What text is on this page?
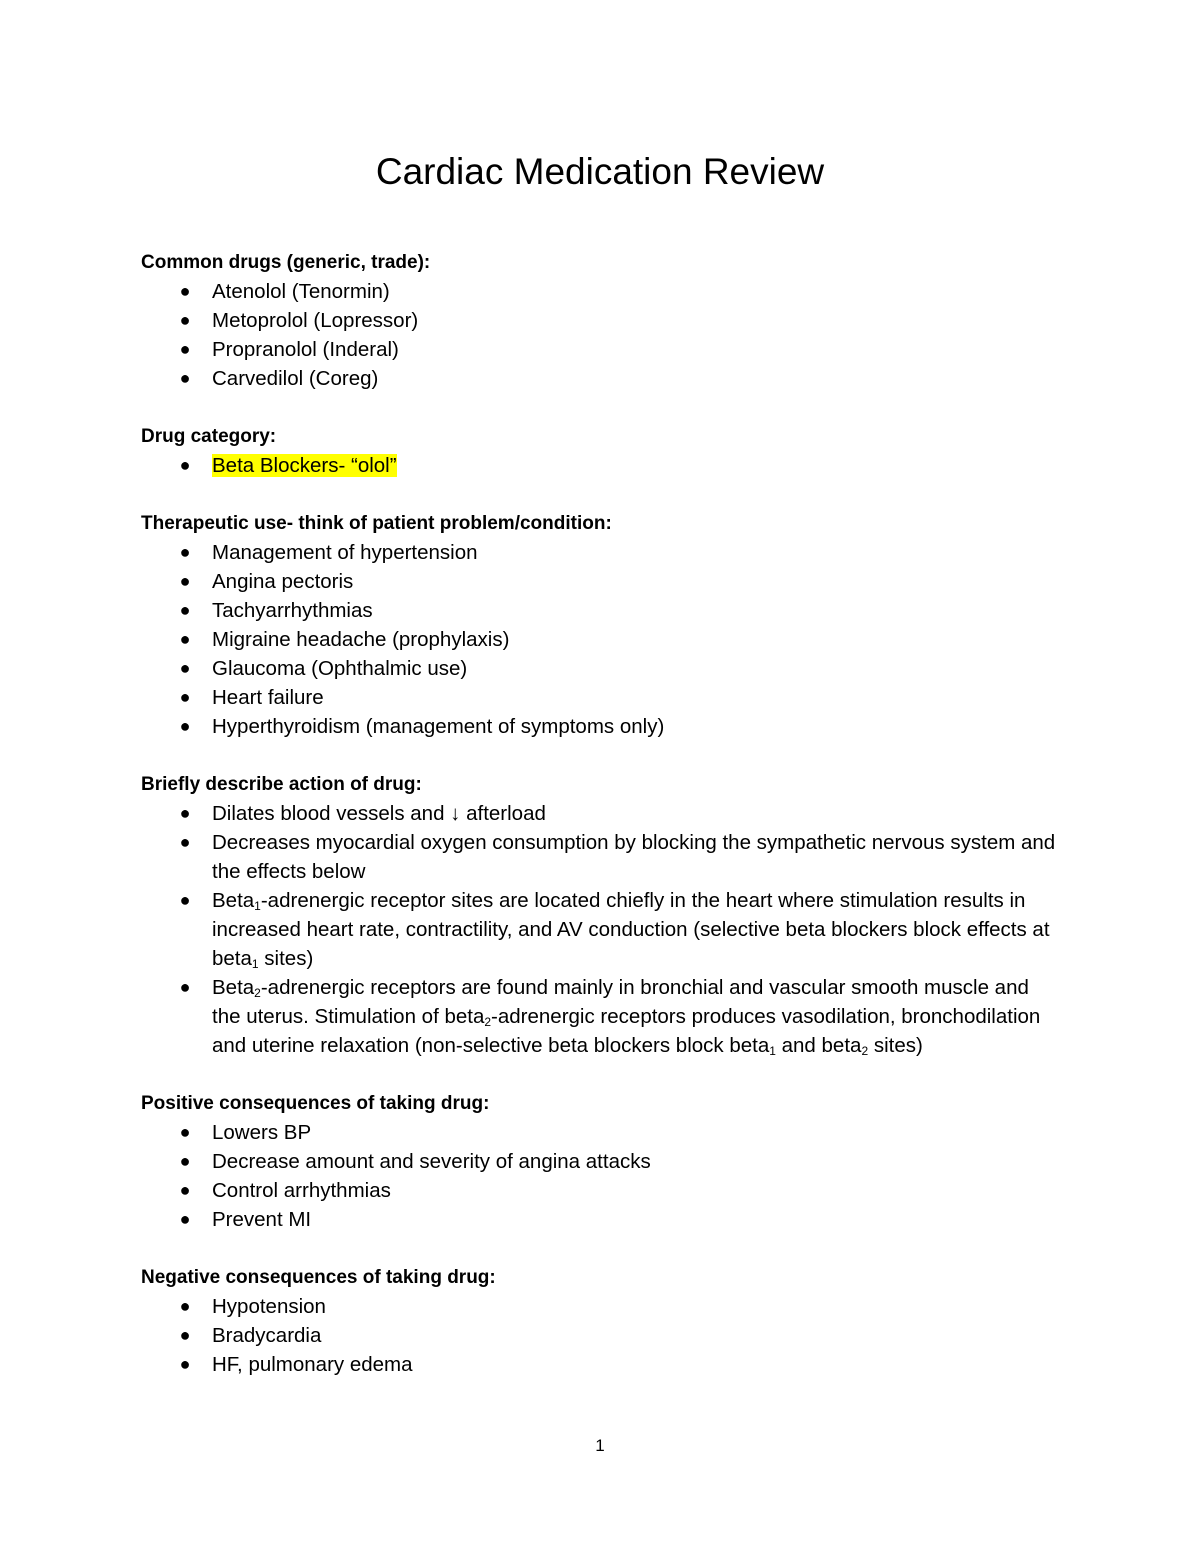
Cardiac Medication Review

Common drugs (generic, trade):

● Atenolol (Tenormin)
● Metoprolol (Lopressor)
● Propranolol (Inderal)
● Carvedilol (Coreg)

Drug category:

● Beta Blockers- “olol”

Therapeutic use- think of patient problem/condition:

● Management of hypertension
● Angina pectoris
● Tachyarrhythmias
● Migraine headache (prophylaxis)
● Glaucoma (Ophthalmic use)
● Heart failure
● Hyperthyroidism (management of symptoms only)

Briefly describe action of drug:

● Dilates blood vessels and ↓ afterload
● Decreases myocardial oxygen consumption by blocking the sympathetic nervous system and the effects below
● Beta$_1$-adrenergic receptor sites are located chiefly in the heart where stimulation results in increased heart rate, contractility, and AV conduction (selective beta blockers block effects at beta$_1$ sites)
● Beta$_2$-adrenergic receptors are found mainly in bronchial and vascular smooth muscle and the uterus. Stimulation of beta$_2$-adrenergic receptors produces vasodilation, bronchodilation and uterine relaxation (non-selective beta blockers block beta$_1$ and beta$_2$ sites)

Positive consequences of taking drug:

● Lowers BP
● Decrease amount and severity of angina attacks
● Control arrhythmias
● Prevent MI

Negative consequences of taking drug:

● Hypotension
● Bradycardia
● HF, pulmonary edema
1
